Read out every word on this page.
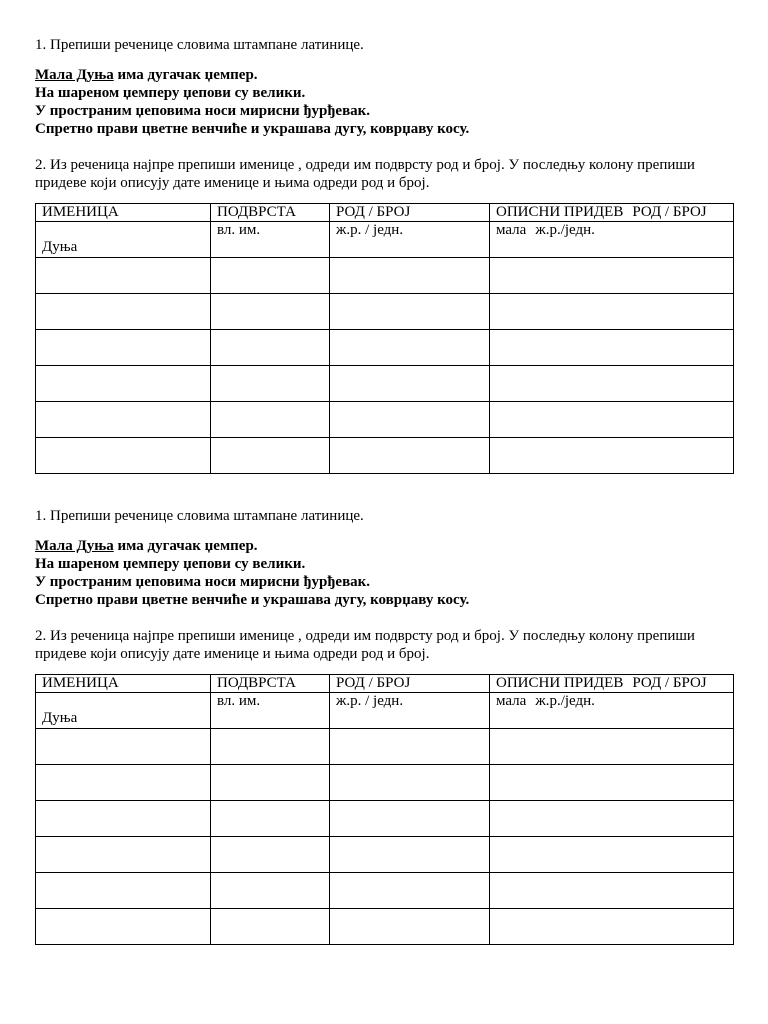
1. Препиши реченице словима штампане латинице.

Мала Дуња има дугачак џемпер.
На шареном џемперу џепови су велики.
У пространим џеповима носи мирисни ђурђевак.
Спретно прави цветне венчиће и украшава дугу, коврџаву косу.

2. Из реченица најпре препиши именице , одреди им подврсту род и број. У последњу колону препиши придеве који описују дате именице и њима одреди род и број.

ИМЕНИЦА	ПОДВРСТА	РОД / БРОЈ	ОПИСНИ ПРИДЕВ РОД / БРОЈ

Дуња	вл. им.	ж.р. / једн.	мала ж.р./једн.

1. Препиши реченице словима штампане латинице.

Мала Дуња има дугачак џемпер.
На шареном џемперу џепови су велики.
У пространим џеповима носи мирисни ђурђевак.
Спретно прави цветне венчиће и украшава дугу, коврџаву косу.

2. Из реченица најпре препиши именице , одреди им подврсту род и број. У последњу колону препиши придеве који описују дате именице и њима одреди род и број.

ИМЕНИЦА	ПОДВРСТА	РОД / БРОЈ	ОПИСНИ ПРИДЕВ РОД / БРОЈ

Дуња	вл. им.	ж.р. / једн.	мала ж.р./једн.
